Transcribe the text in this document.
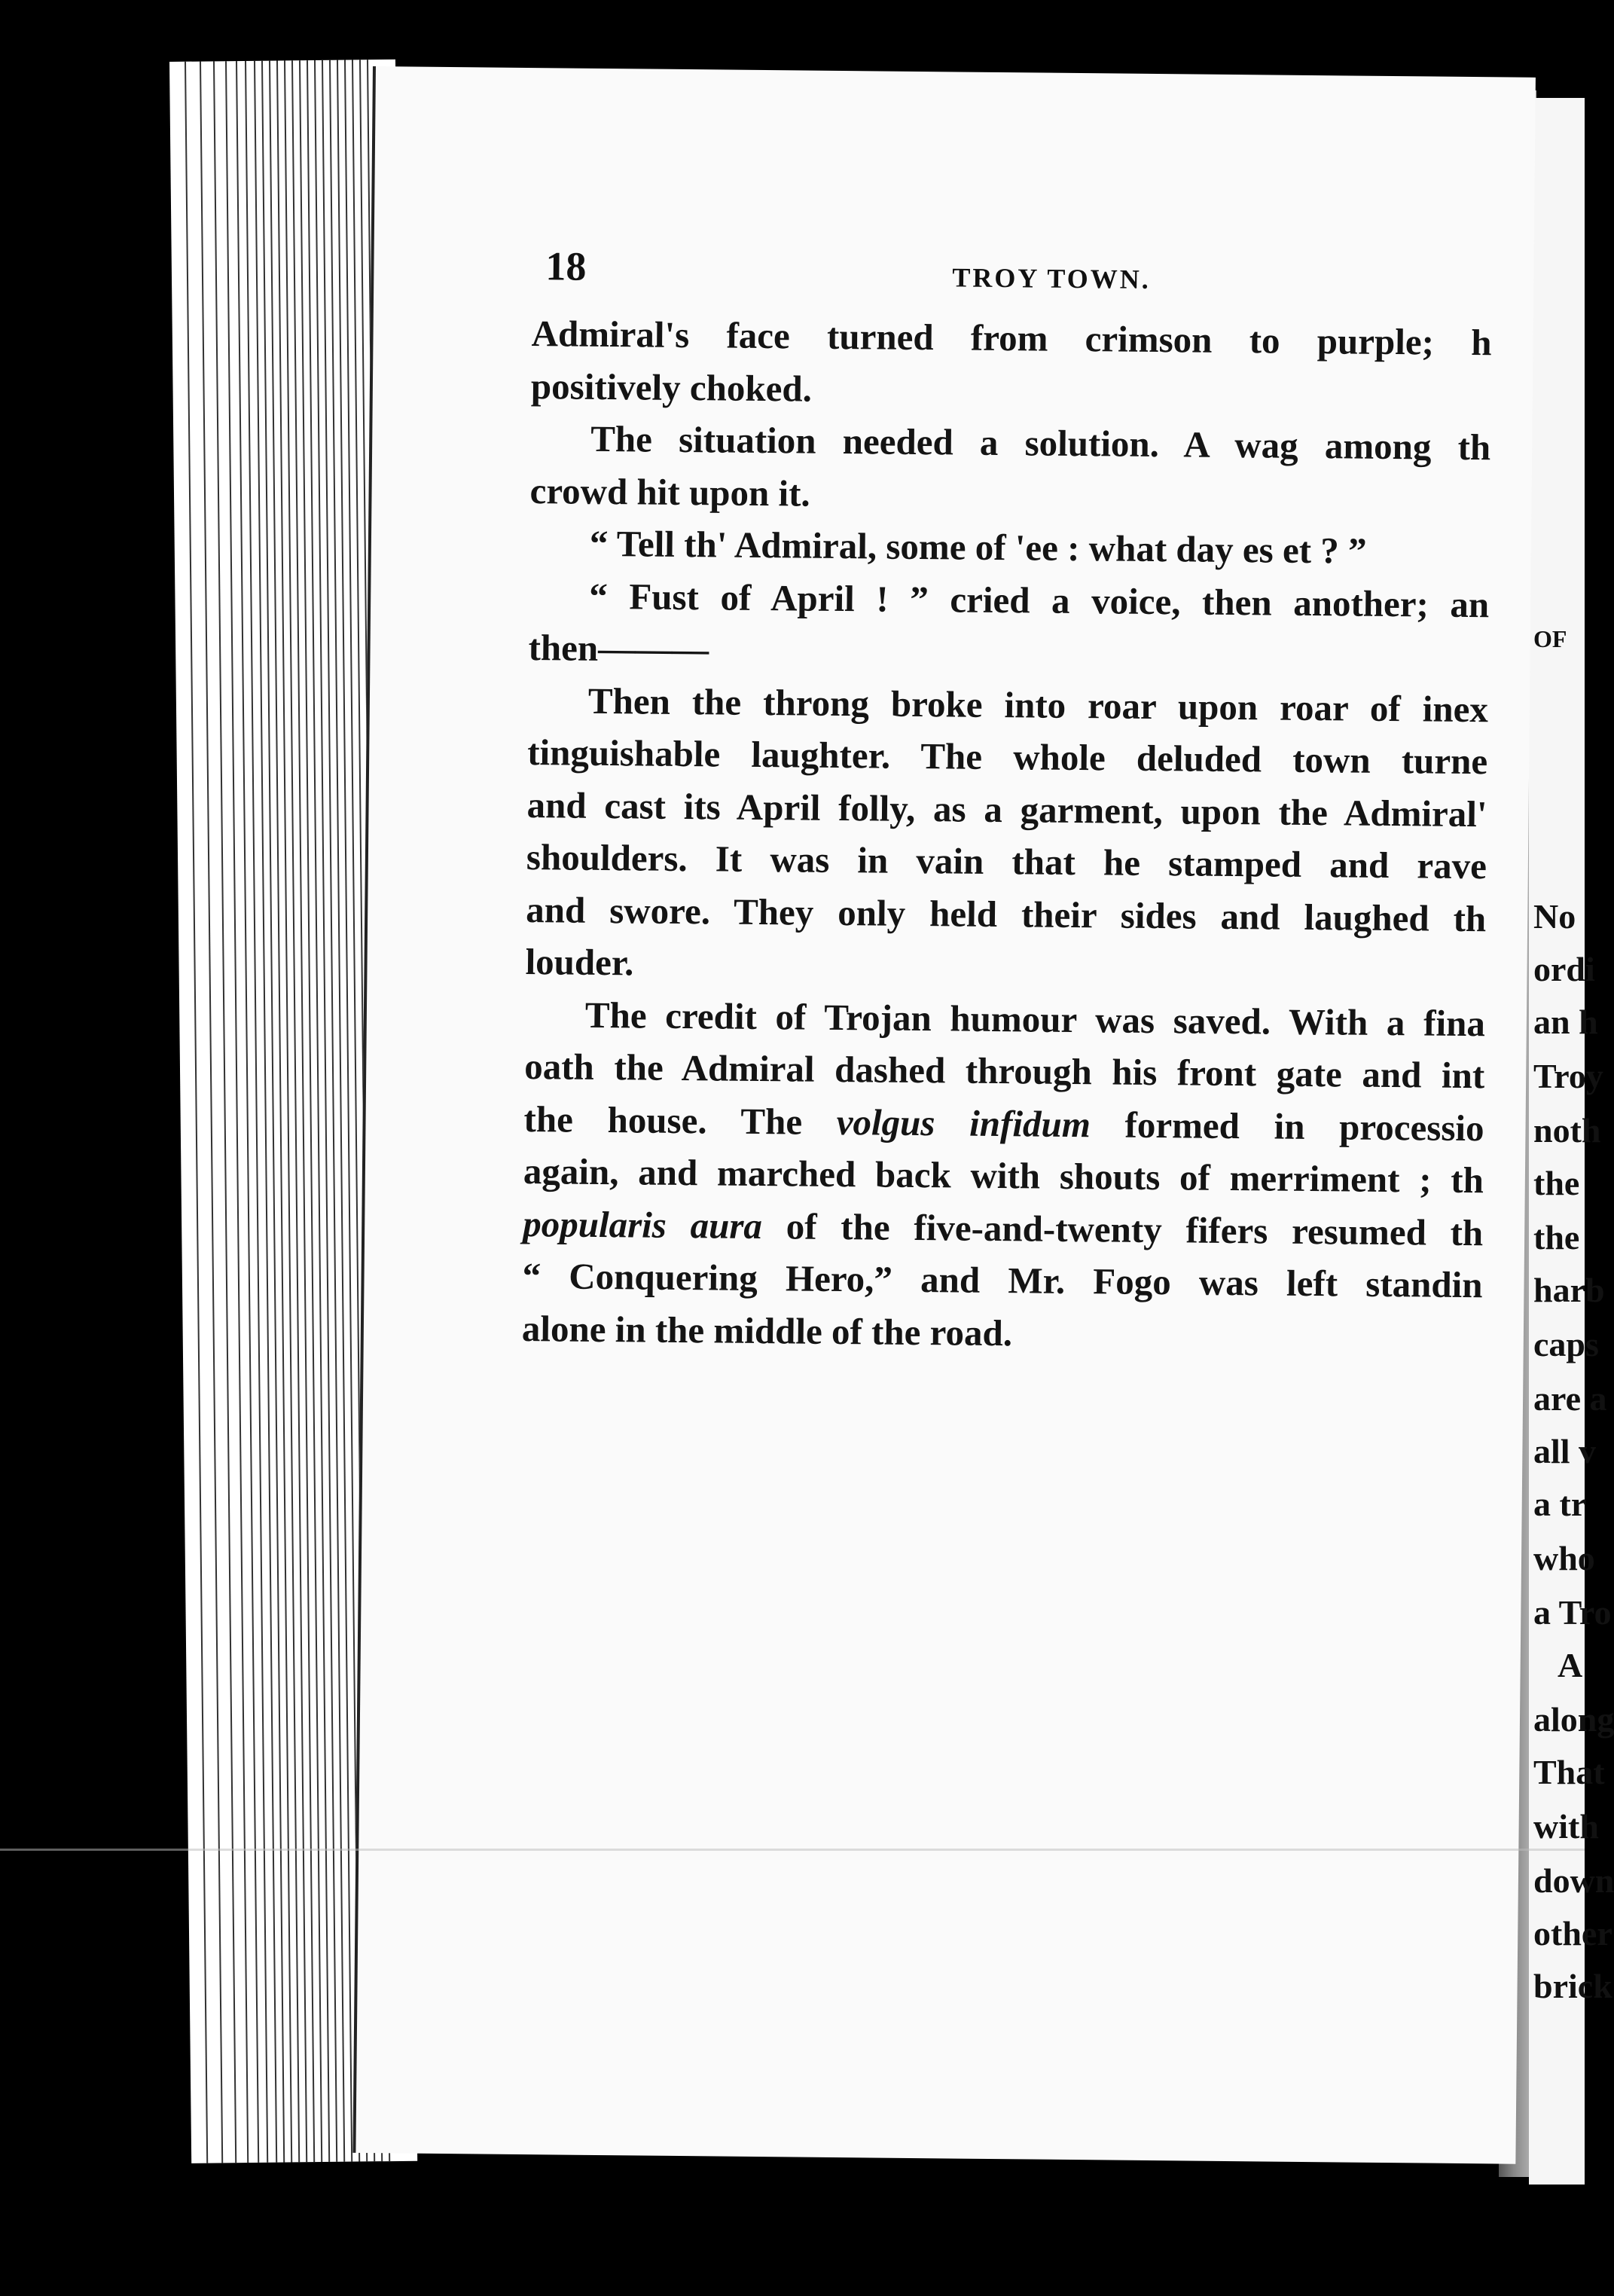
OF
No
ordi
an h
Troy
noth
the
the
harb
caps
are a
all v
a tr
who
a Tro
A
along
That
with
down
other
brick
18	TROY TOWN.
Admiral's face turned from crimson to purple; h
positively choked.
The situation needed a solution. A wag among th
crowd hit upon it.
“ Tell th' Admiral, some of 'ee : what day es et ? ”
“ Fust of April ! ” cried a voice, then another; an
then———
Then the throng broke into roar upon roar of inex
tinguishable laughter. The whole deluded town turne
and cast its April folly, as a garment, upon the Admiral'
shoulders. It was in vain that he stamped and rave
and swore. They only held their sides and laughed th
louder.
The credit of Trojan humour was saved. With a fina
oath the Admiral dashed through his front gate and int
the house. The volgus infidum formed in processio
again, and marched back with shouts of merriment ; th
popularis aura of the five-and-twenty fifers resumed th
“ Conquering Hero,” and Mr. Fogo was left standin
alone in the middle of the road.
